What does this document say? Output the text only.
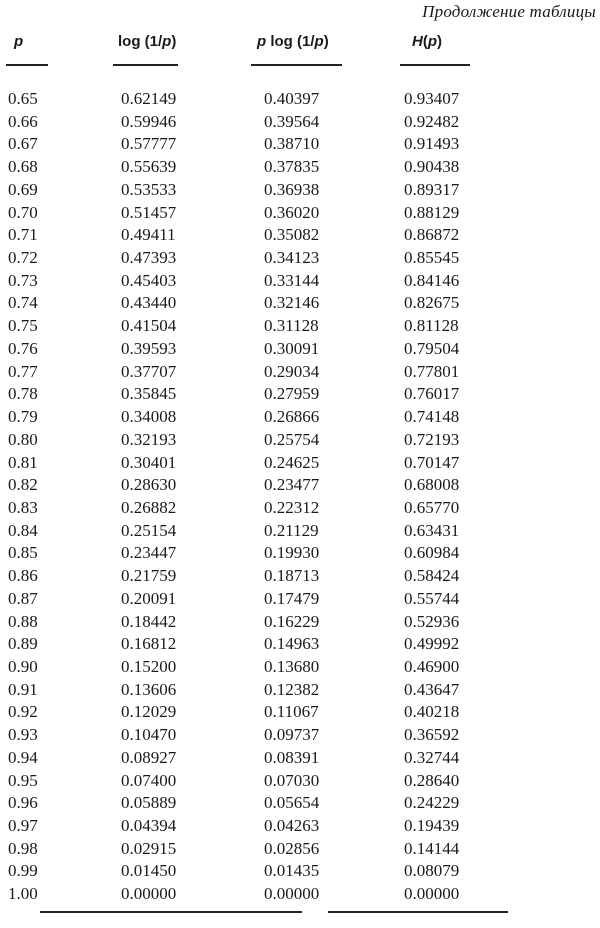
Продолжение таблицы
p	log (1/p)	p log (1/p)	H(p)
0.65	0.62149	0.40397	0.93407
0.66	0.59946	0.39564	0.92482
0.67	0.57777	0.38710	0.91493
0.68	0.55639	0.37835	0.90438
0.69	0.53533	0.36938	0.89317
0.70	0.51457	0.36020	0.88129
0.71	0.49411	0.35082	0.86872
0.72	0.47393	0.34123	0.85545
0.73	0.45403	0.33144	0.84146
0.74	0.43440	0.32146	0.82675
0.75	0.41504	0.31128	0.81128
0.76	0.39593	0.30091	0.79504
0.77	0.37707	0.29034	0.77801
0.78	0.35845	0.27959	0.76017
0.79	0.34008	0.26866	0.74148
0.80	0.32193	0.25754	0.72193
0.81	0.30401	0.24625	0.70147
0.82	0.28630	0.23477	0.68008
0.83	0.26882	0.22312	0.65770
0.84	0.25154	0.21129	0.63431
0.85	0.23447	0.19930	0.60984
0.86	0.21759	0.18713	0.58424
0.87	0.20091	0.17479	0.55744
0.88	0.18442	0.16229	0.52936
0.89	0.16812	0.14963	0.49992
0.90	0.15200	0.13680	0.46900
0.91	0.13606	0.12382	0.43647
0.92	0.12029	0.11067	0.40218
0.93	0.10470	0.09737	0.36592
0.94	0.08927	0.08391	0.32744
0.95	0.07400	0.07030	0.28640
0.96	0.05889	0.05654	0.24229
0.97	0.04394	0.04263	0.19439
0.98	0.02915	0.02856	0.14144
0.99	0.01450	0.01435	0.08079
1.00	0.00000	0.00000	0.00000
